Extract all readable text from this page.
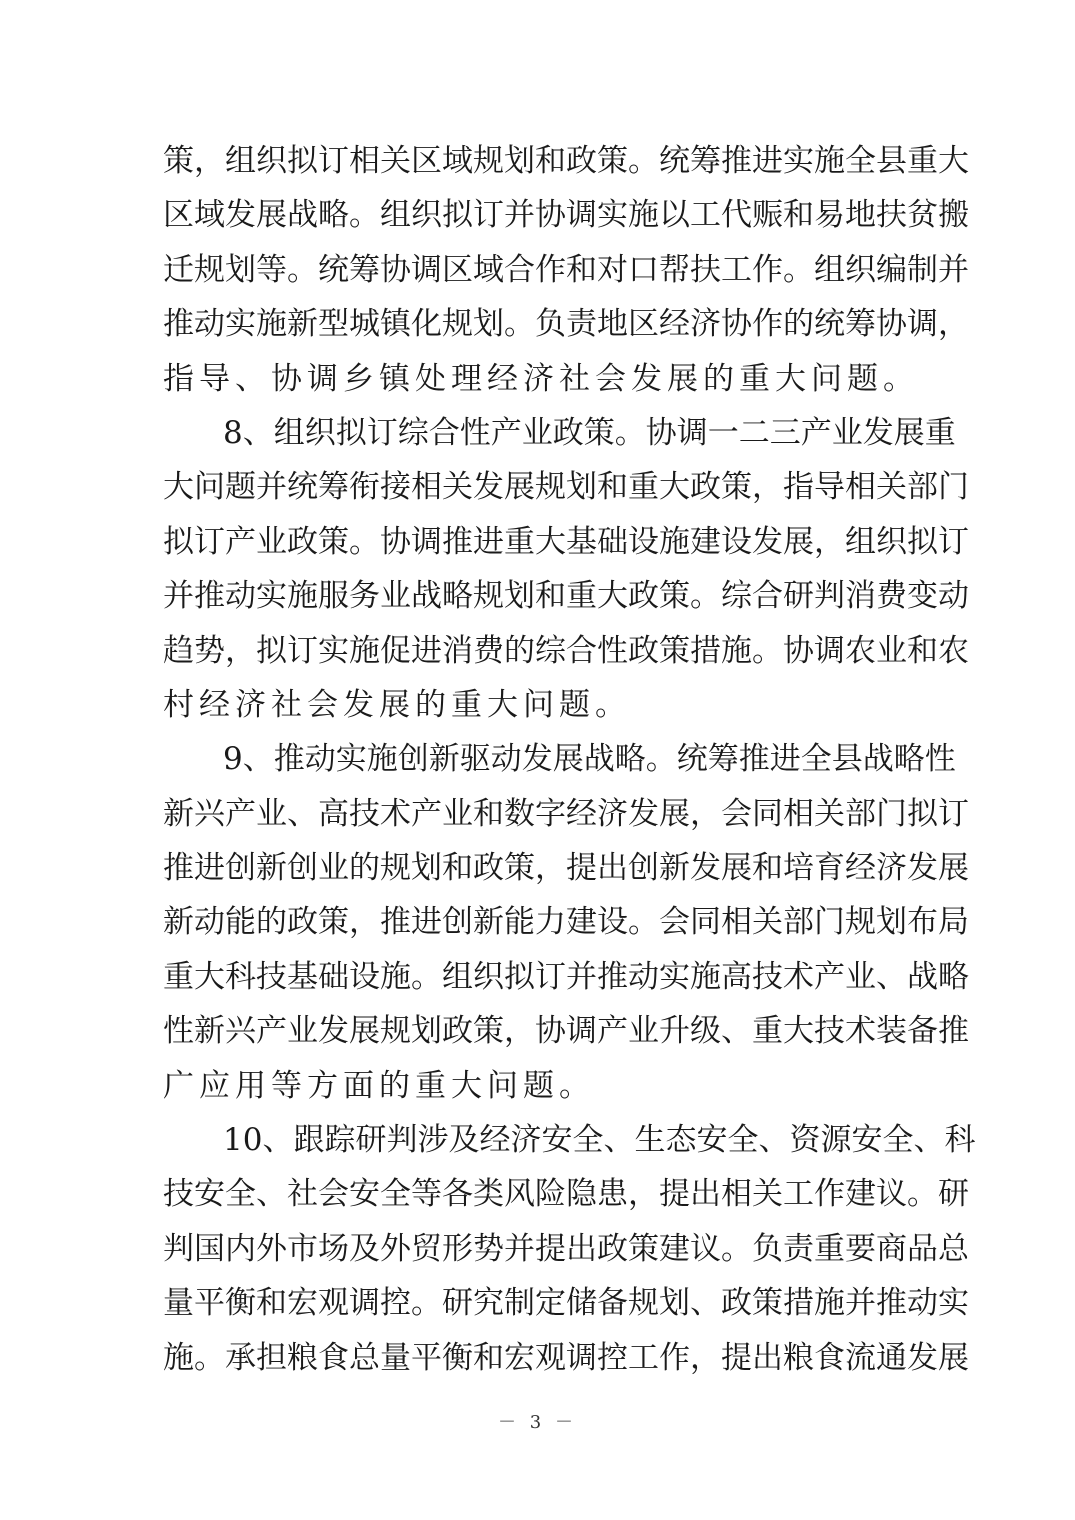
策，组织拟订相关区域规划和政策。统筹推进实施全县重大
区域发展战略。组织拟订并协调实施以工代赈和易地扶贫搬
迁规划等。统筹协调区域合作和对口帮扶工作。组织编制并
推动实施新型城镇化规划。负责地区经济协作的统筹协调，
指导、协调乡镇处理经济社会发展的重大问题。
8、组织拟订综合性产业政策。协调一二三产业发展重
大问题并统筹衔接相关发展规划和重大政策，指导相关部门
拟订产业政策。协调推进重大基础设施建设发展，组织拟订
并推动实施服务业战略规划和重大政策。综合研判消费变动
趋势，拟订实施促进消费的综合性政策措施。协调农业和农
村经济社会发展的重大问题。
9、推动实施创新驱动发展战略。统筹推进全县战略性
新兴产业、高技术产业和数字经济发展，会同相关部门拟订
推进创新创业的规划和政策，提出创新发展和培育经济发展
新动能的政策，推进创新能力建设。会同相关部门规划布局
重大科技基础设施。组织拟订并推动实施高技术产业、战略
性新兴产业发展规划政策，协调产业升级、重大技术装备推
广应用等方面的重大问题。
10、跟踪研判涉及经济安全、生态安全、资源安全、科
技安全、社会安全等各类风险隐患，提出相关工作建议。研
判国内外市场及外贸形势并提出政策建议。负责重要商品总
量平衡和宏观调控。研究制定储备规划、政策措施并推动实
施。承担粮食总量平衡和宏观调控工作，提出粮食流通发展
－ 3 －
